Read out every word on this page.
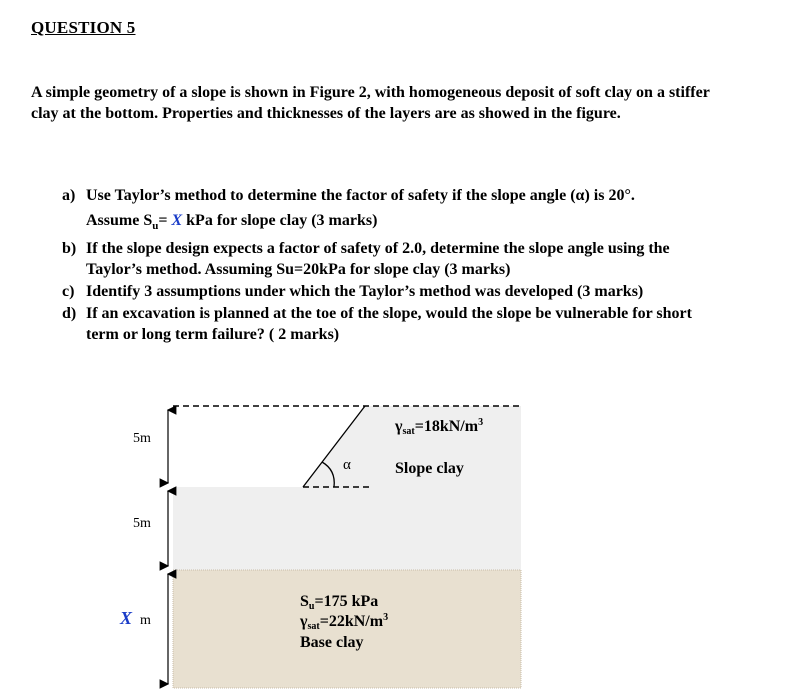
QUESTION 5
A simple geometry of a slope is shown in Figure 2, with homogeneous deposit of soft clay on a stiffer clay at the bottom. Properties and thicknesses of the layers are as showed in the figure.
a) Use Taylor’s method to determine the factor of safety if the slope angle (α) is 20°.
Assume $S_u= X$ kPa for slope clay (3 marks)
b) If the slope design expects a factor of safety of 2.0, determine the slope angle using the Taylor’s method. Assuming Su=20kPa for slope clay (3 marks)
c) Identify 3 assumptions under which the Taylor’s method was developed (3 marks)
d) If an excavation is planned at the toe of the slope, would the slope be vulnerable for short term or long term failure? ( 2 marks)
5m
5m
X m
α
$\gamma sat=18kN/m^3$
Slope clay
Su=175 kPa
$\gamma sat=22kN/m^3$
Base clay
